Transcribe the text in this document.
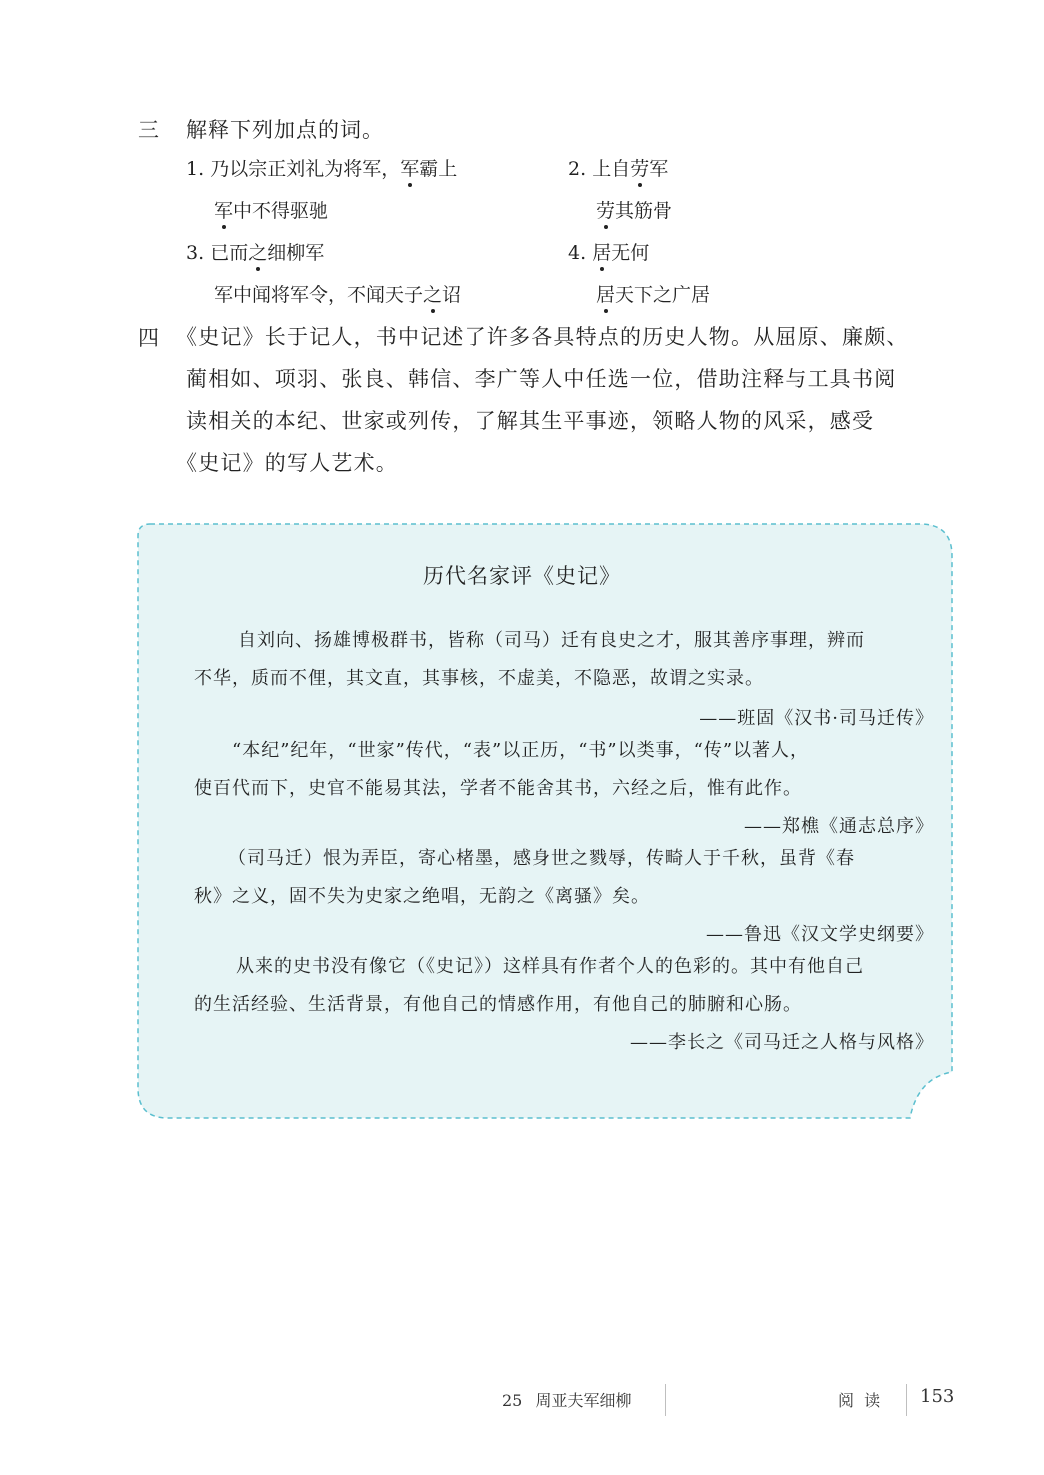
三 解释下列加点的词。
1. 乃以宗正刘礼为将军，军霸上
军中不得驱驰
2. 上自劳军
劳其筋骨
3. 已而之细柳军
军中闻将军令，不闻天子之诏
4. 居无何
居天下之广居
四 《史记》长于记人，书中记述了许多各具特点的历史人物。从屈原、廉颇、
蔺相如、项羽、张良、韩信、李广等人中任选一位，借助注释与工具书阅
读相关的本纪、世家或列传，了解其生平事迹，领略人物的风采，感受
《史记》的写人艺术。
历代名家评《史记》
自刘向、扬雄博极群书，皆称（司马）迁有良史之才，服其善序事理，辨而
不华，质而不俚，其文直，其事核，不虚美，不隐恶，故谓之实录。
——班固《汉书·司马迁传》
“本纪”纪年，“世家”传代，“表”以正历，“书”以类事，“传”以著人，
使百代而下，史官不能易其法，学者不能舍其书，六经之后，惟有此作。
——郑樵《通志总序》
（司马迁）恨为弄臣，寄心楮墨，感身世之戮辱，传畸人于千秋，虽背《春
秋》之义，固不失为史家之绝唱，无韵之《离骚》矣。
——鲁迅《汉文学史纲要》
从来的史书没有像它（《史记》）这样具有作者个人的色彩的。其中有他自己
的生活经验、生活背景，有他自己的情感作用，有他自己的肺腑和心肠。
——李长之《司马迁之人格与风格》
25 周亚夫军细柳	阅  读 153
